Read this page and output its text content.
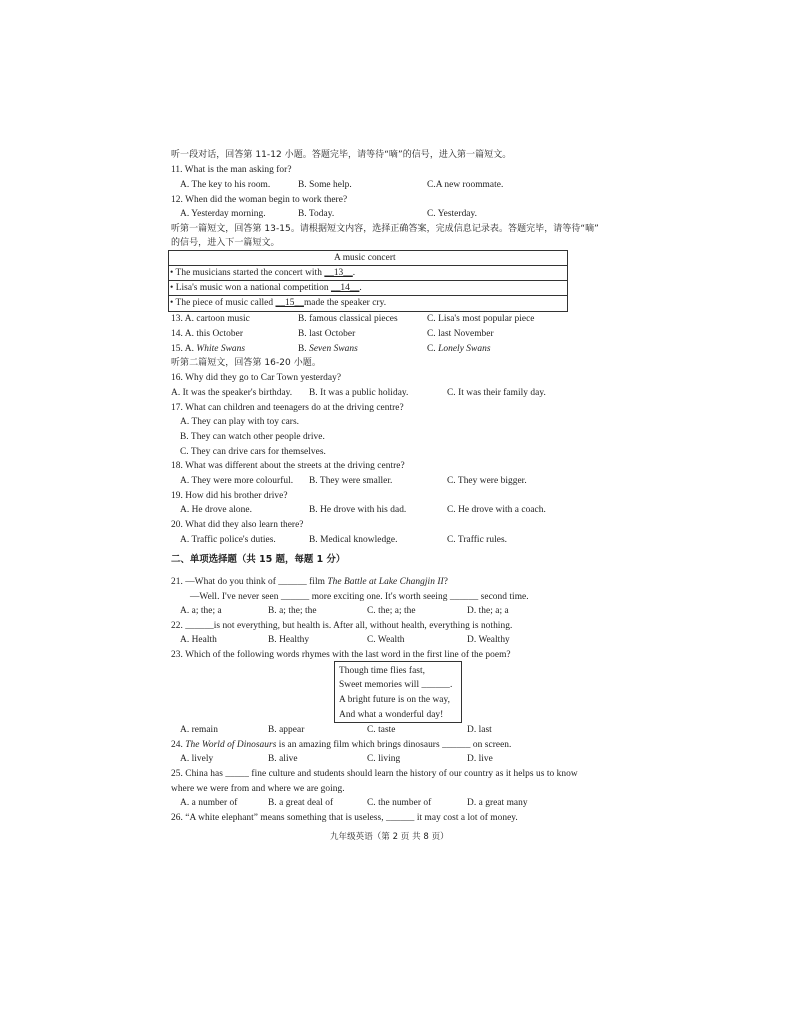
听一段对话，回答第 11-12 小题。答题完毕，请等待“嘀”的信号，进入第一篇短文。
11. What is the man asking for?
A. The key to his room.	B. Some help.	C.A new roommate.
12. When did the woman begin to work there?
A. Yesterday morning.	B. Today.	C. Yesterday.
听第一篇短文，回答第 13-15。请根据短文内容，选择正确答案，完成信息记录表。答题完毕，请等待“嘀”
的信号，进入下一篇短文。
A music concert
• The musicians started the concert with __13__.
• Lisa's music won a national competition __14__.
• The piece of music called __15__made the speaker cry.
13. A. cartoon music	B. famous classical pieces	C. Lisa's most popular piece
14. A. this October	B. last October	C. last November
15. A. White Swans	B. Seven Swans	C. Lonely Swans
听第二篇短文，回答第 16-20 小题。
16. Why did they go to Car Town yesterday?
A. It was the speaker's birthday. B. It was a public holiday.	C. It was their family day.
17. What can children and teenagers do at the driving centre?
A. They can play with toy cars.
B. They can watch other people drive.
C. They can drive cars for themselves.
18. What was different about the streets at the driving centre?
A. They were more colourful. B. They were smaller.	C. They were bigger.
19. How did his brother drive?
A. He drove alone.	B. He drove with his dad.	C. He drove with a coach.
20. What did they also learn there?
A. Traffic police's duties.	B. Medical knowledge.	C. Traffic rules.
二、单项选择题（共 15 题，每题 1 分）
21. —What do you think of ______ film The Battle at Lake Changjin II?
—Well. I've never seen ______ more exciting one. It's worth seeing ______ second time.
A. a; the; a	B. a; the; the	C. the; a; the	D. the; a; a
22. ______is not everything, but health is. After all, without health, everything is nothing.
A. Health	B. Healthy	C. Wealth	D. Wealthy
23. Which of the following words rhymes with the last word in the first line of the poem?
Though time flies fast,
Sweet memories will ______.
A bright future is on the way,
And what a wonderful day!
A. remain	B. appear	C. taste	D. last
24. The World of Dinosaurs is an amazing film which brings dinosaurs ______ on screen.
A. lively	B. alive	C. living	D. live
25. China has _____ fine culture and students should learn the history of our country as it helps us to know
where we were from and where we are going.
A. a number of	B. a great deal of	C. the number of	D. a great many
26. “A white elephant” means something that is useless, ______ it may cost a lot of money.
九年级英语（第 2 页 共 8 页）
